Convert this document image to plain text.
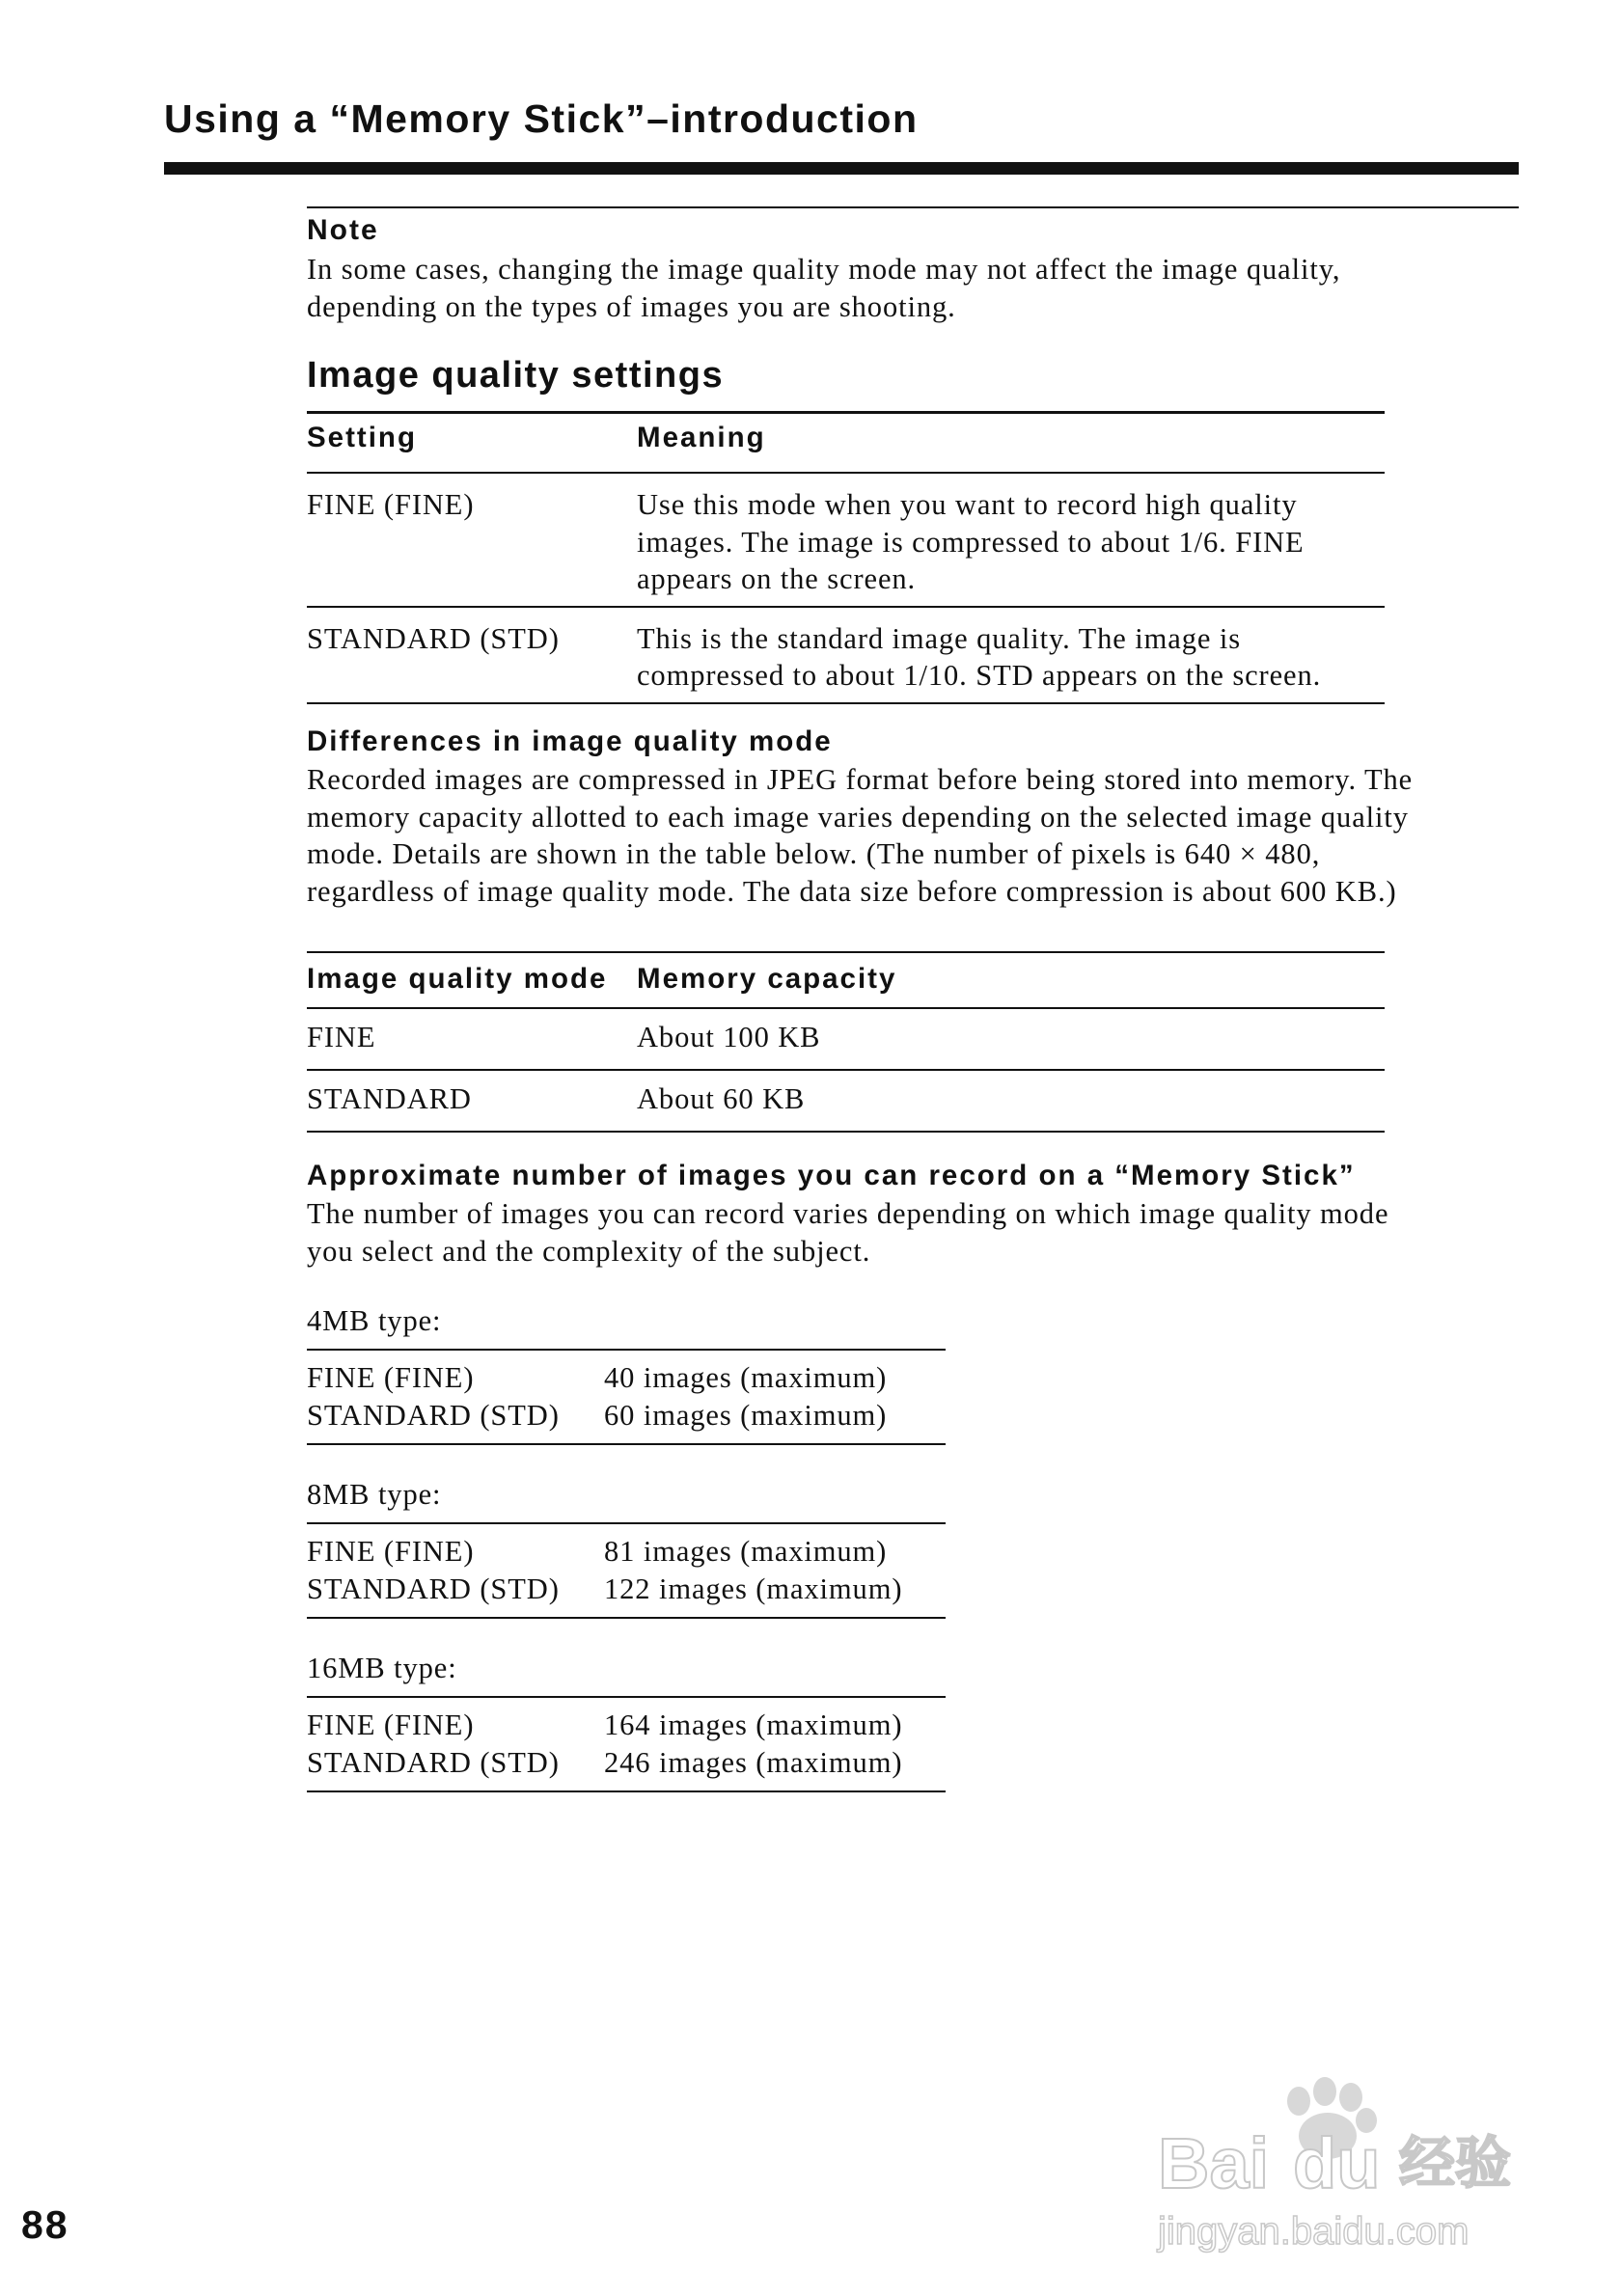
Using a “Memory Stick”–introduction
Note
In some cases, changing the image quality mode may not affect the image quality,
depending on the types of images you are shooting.
Image quality settings
Setting	Meaning
FINE (FINE)	Use this mode when you want to record high quality
images. The image is compressed to about 1/6. FINE
appears on the screen.

STANDARD (STD)	This is the standard image quality. The image is
compressed to about 1/10. STD appears on the screen.
Differences in image quality mode
Recorded images are compressed in JPEG format before being stored into memory. The
memory capacity allotted to each image varies depending on the selected image quality
mode. Details are shown in the table below. (The number of pixels is 640 × 480,
regardless of image quality mode. The data size before compression is about 600 KB.)
Image quality mode	Memory capacity
FINE	About 100 KB
STANDARD	About 60 KB
Approximate number of images you can record on a “Memory Stick”
The number of images you can record varies depending on which image quality mode
you select and the complexity of the subject.
4MB type:
FINE (FINE)	40 images (maximum)
STANDARD (STD)	60 images (maximum)
8MB type:
FINE (FINE)	81 images (maximum)
STANDARD (STD)	122 images (maximum)
16MB type:
FINE (FINE)	164 images (maximum)
STANDARD (STD)	246 images (maximum)
88
Bai du 经验
jingyan.baidu.com
